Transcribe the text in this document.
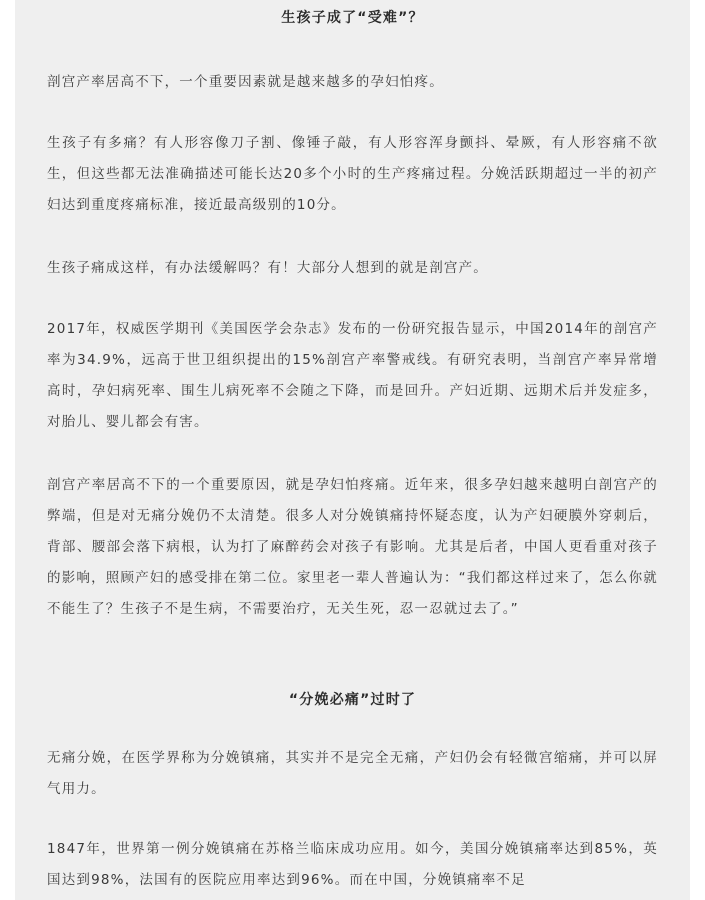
生孩子成了“受难”？

剖宫产率居高不下，一个重要因素就是越来越多的孕妇怕疼。

生孩子有多痛？有人形容像刀子割、像锤子敲，有人形容浑身颤抖、晕厥，有人形容痛不欲生，但这些都无法准确描述可能长达20多个小时的生产疼痛过程。分娩活跃期超过一半的初产妇达到重度疼痛标准，接近最高级别的10分。

生孩子痛成这样，有办法缓解吗？有！大部分人想到的就是剖宫产。

2017年，权威医学期刊《美国医学会杂志》发布的一份研究报告显示，中国2014年的剖宫产率为34.9%，远高于世卫组织提出的15%剖宫产率警戒线。有研究表明，当剖宫产率异常增高时，孕妇病死率、围生儿病死率不会随之下降，而是回升。产妇近期、远期术后并发症多，对胎儿、婴儿都会有害。

剖宫产率居高不下的一个重要原因，就是孕妇怕疼痛。近年来，很多孕妇越来越明白剖宫产的弊端，但是对无痛分娩仍不太清楚。很多人对分娩镇痛持怀疑态度，认为产妇硬膜外穿刺后，背部、腰部会落下病根，认为打了麻醉药会对孩子有影响。尤其是后者，中国人更看重对孩子的影响，照顾产妇的感受排在第二位。家里老一辈人普遍认为：“我们都这样过来了，怎么你就不能生了？生孩子不是生病，不需要治疗，无关生死，忍一忍就过去了。”

“分娩必痛”过时了

无痛分娩，在医学界称为分娩镇痛，其实并不是完全无痛，产妇仍会有轻微宫缩痛，并可以屏气用力。

1847年，世界第一例分娩镇痛在苏格兰临床成功应用。如今，美国分娩镇痛率达到85%，英国达到98%，法国有的医院应用率达到96%。而在中国，分娩镇痛率不足
